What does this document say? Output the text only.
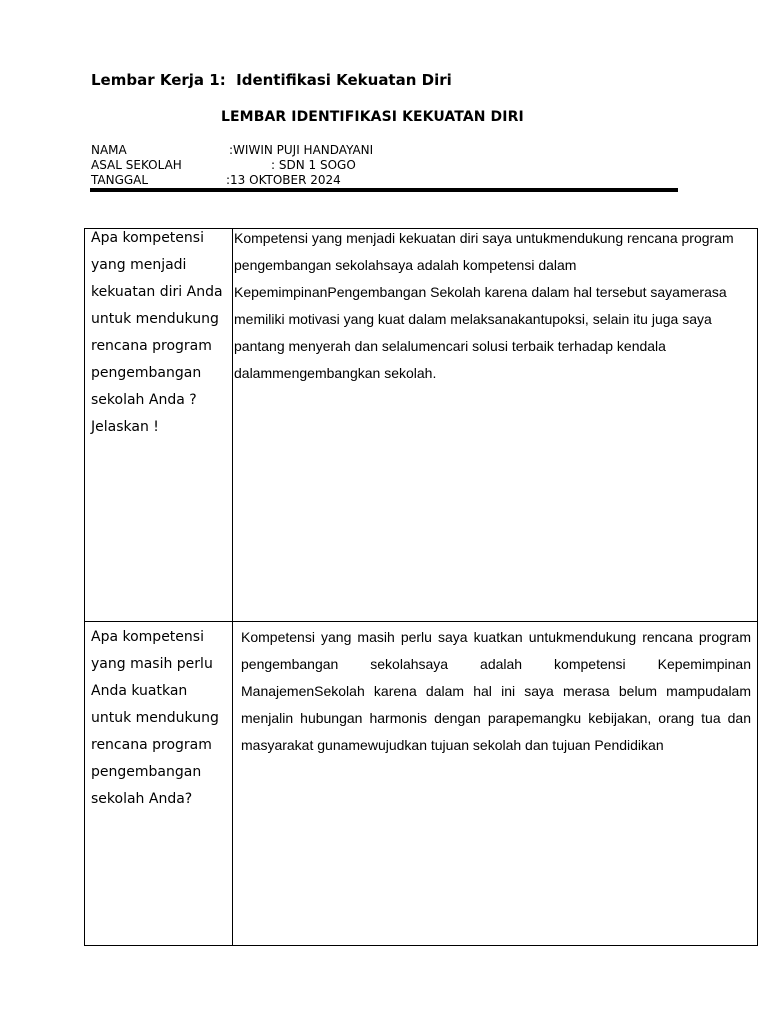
Lembar Kerja 1:  Identifikasi Kekuatan Diri
LEMBAR IDENTIFIKASI KEKUATAN DIRI

NAMA

	:WIWIN PUJI HANDAYANI

ASAL SEKOLAH

	: SDN 1 SOGO

TANGGAL

	:13 OKTOBER 2024

Apa kompetensi yang menjadi kekuatan diri Anda untuk mendukung rencana program pengembangan sekolah Anda ? Jelaskan !
Kompetensi yang menjadi kekuatan diri saya untukmendukung rencana program pengembangan sekolahsaya adalah kompetensi dalam KepemimpinanPengembangan Sekolah karena dalam hal tersebut sayamerasa memiliki motivasi yang kuat dalam melaksanakantupoksi, selain itu juga saya pantang menyerah dan selalumencari solusi terbaik terhadap kendala dalammengembangkan sekolah.
Apa kompetensi yang masih perlu Anda kuatkan untuk mendukung rencana program pengembangan sekolah Anda?
Kompetensi yang masih perlu saya kuatkan untukmendukung rencana program pengembangan sekolahsaya adalah kompetensi Kepemimpinan ManajemenSekolah karena dalam hal ini saya merasa belum mampudalam menjalin hubungan harmonis dengan parapemangku kebijakan, orang tua dan masyarakat gunamewujudkan tujuan sekolah dan tujuan Pendidikan
